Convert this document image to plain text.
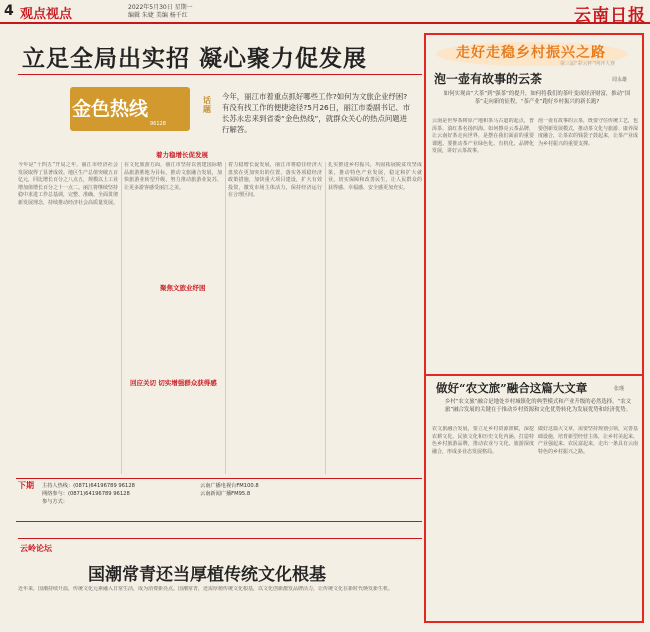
4 观点视点	2022年5月30日 星期一
编辑 朱婕 美编 杨千红	云南日报
立足全局出实招 凝心聚力促发展
金色热线
96128
话题
今年，丽江市着重点抓好哪些工作?如何为文旅企业纾困?有没有找工作的便捷途径?5月26日，丽江市委副书记、市长苏永忠来到省委“金色热线”，就群众关心的热点问题进行解答。
着力稳增长促发展
聚焦文旅业纾困
回应关切 切实增强群众获得感
今年是“十四五”开局之年，丽江市经济社会发展取得了显著成效。地区生产总值突破五百亿元，同比增长百分之八点五，规模以上工业增加值增长百分之十一点二。丽江将继续坚持稳中求进工作总基调，完整、准确、全面贯彻新发展理念，持续推动经济社会高质量发展。
在文化旅游方面，丽江市坚持以创建国际精品旅游胜地为目标，推动文旅融合发展，加快旅游业转型升级，努力推动旅游业复苏，让更多游客感受丽江之美。
着力稳增长促发展，丽江市将稳住经济大盘放在更加突出的位置，落实各项稳经济政策措施，加快重大项目建设，扩大有效投资，激发市场主体活力，保持经济运行在合理区间。
扎实推进乡村振兴，巩固拓展脱贫攻坚成果，推动特色产业发展，稳定和扩大就业，切实保障和改善民生，让人民群众的获得感、幸福感、安全感更加充实。
下期	主持人热线：(0871)64196789 96128
网络参与：(0871)64196789 96128
参与方式：
云南广播电视台FM100.8
云南新闻广播FM95.8
云岭论坛
国潮常青还当厚植传统文化根基
近年来，国潮持续升温，传统文化元素融入日常生活，成为消费新亮点。国潮常青，还需厚植传统文化根基，以文化创新激发品牌活力，让传统文化在新时代焕发新生机。
走好走稳乡村振兴之路
第三届“彩云杯”网评大赛
泡一壶有故事的云茶	周永雄
如何实现由“大茶”到“强茶”的提升，如何将我们的茶叶变成经济财富，推动“国茶”走向新的征程，“茶产业”跑好乡村振兴的新长跑?
云南是世界茶树原产地和茶马古道的起点，普洱茶、滇红茶名扬四海。如何擦亮云茶品牌，让云南好茶走向世界，是摆在我们面前的重要课题。要推动茶产业绿色化、有机化、品牌化发展，讲好云茶故事。
泡一壶有故事的云茶，既要守住传统工艺，也要创新发展模式，推动茶文化与旅游、康养深度融合，让茶农的钱袋子鼓起来，让茶产业成为乡村振兴的重要支撑。
做好“农文旅”融合这篇大文章	张瑾
乡村“农文旅”融合是地处乡村城镇化的典型模式和产业升级的必然选择，“农文旅”融合发展的关键在于推动乡村资源和文化优势转化为发展优势和经济优势。
农文旅融合发展，要立足乡村资源禀赋，深挖农耕文化、民族文化和历史文化内涵，打造特色乡村旅游品牌，推动农业与文化、旅游深度融合，形成多业态发展格局。
做好这篇大文章，需要坚持规划引领，完善基础设施，培育新型经营主体，让乡村美起来、产业强起来、农民富起来，走出一条具有云南特色的乡村振兴之路。
